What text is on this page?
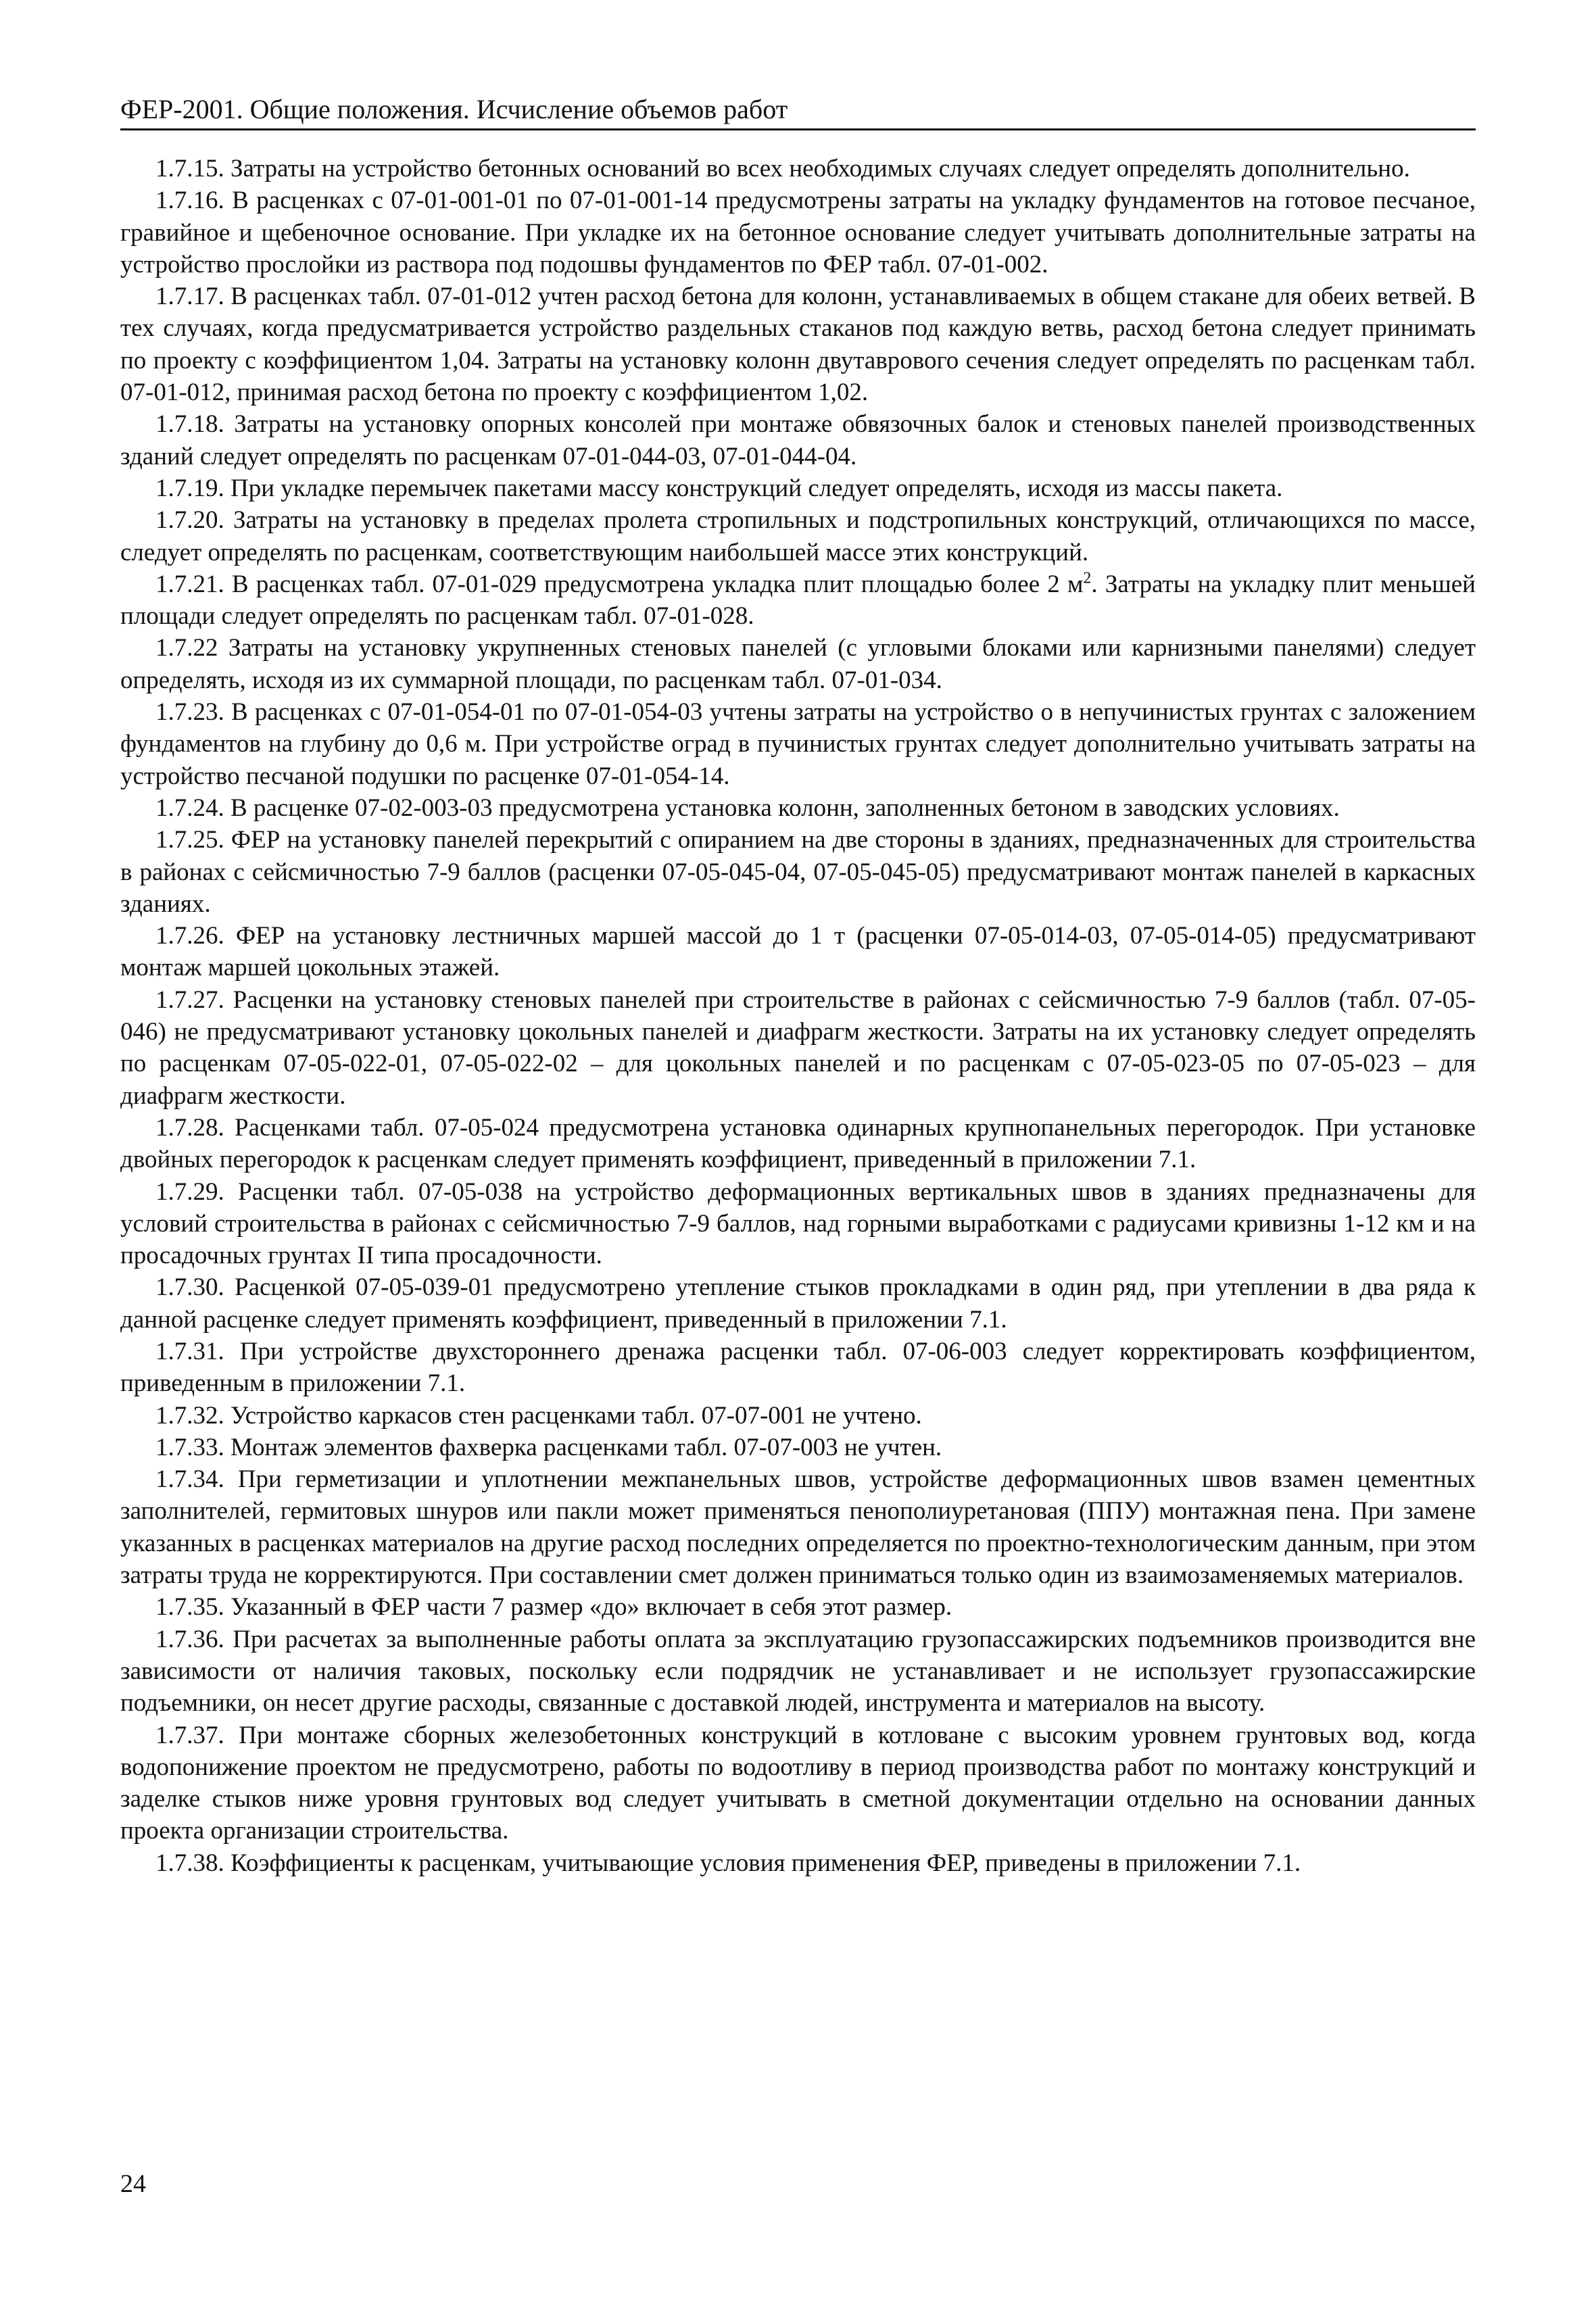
ФЕР-2001. Общие положения. Исчисление объемов работ

1.7.15. Затраты на устройство бетонных оснований во всех необходимых случаях следует определять дополнительно.

1.7.16. В расценках с 07-01-001-01 по 07-01-001-14 предусмотрены затраты на укладку фундаментов на готовое песчаное, гравийное и щебеночное основание. При укладке их на бетонное основание следует учитывать дополнительные затраты на устройство прослойки из раствора под подошвы фундаментов по ФЕР табл. 07-01-002.

1.7.17. В расценках табл. 07-01-012 учтен расход бетона для колонн, устанавливаемых в общем стакане для обеих ветвей. В тех случаях, когда предусматривается устройство раздельных стаканов под каждую ветвь, расход бетона следует принимать по проекту с коэффициентом 1,04. Затраты на установку колонн двутаврового сечения следует определять по расценкам табл. 07-01-012, принимая расход бетона по проекту с коэффициентом 1,02.

1.7.18. Затраты на установку опорных консолей при монтаже обвязочных балок и стеновых панелей производственных зданий следует определять по расценкам 07-01-044-03, 07-01-044-04.

1.7.19. При укладке перемычек пакетами массу конструкций следует определять, исходя из массы пакета.

1.7.20. Затраты на установку в пределах пролета стропильных и подстропильных конструкций, отличающихся по массе, следует определять по расценкам, соответствующим наибольшей массе этих конструкций.

1.7.21. В расценках табл. 07-01-029 предусмотрена укладка плит площадью более 2 $м^2$. Затраты на укладку плит меньшей площади следует определять по расценкам табл. 07-01-028.

1.7.22 Затраты на установку укрупненных стеновых панелей (с угловыми блоками или карнизными панелями) следует определять, исходя из их суммарной площади, по расценкам табл. 07-01-034.

1.7.23. В расценках с 07-01-054-01 по 07-01-054-03 учтены затраты на устройство о в непучинистых грунтах с заложением фундаментов на глубину до 0,6 м. При устройстве оград в пучинистых грунтах следует дополнительно учитывать затраты на устройство песчаной подушки по расценке 07-01-054-14.

1.7.24. В расценке 07-02-003-03 предусмотрена установка колонн, заполненных бетоном в заводских условиях.

1.7.25. ФЕР на установку панелей перекрытий с опиранием на две стороны в зданиях, предназначенных для строительства в районах с сейсмичностью 7-9 баллов (расценки 07-05-045-04, 07-05-045-05) предусматривают монтаж панелей в каркасных зданиях.

1.7.26. ФЕР на установку лестничных маршей массой до 1 т (расценки 07-05-014-03, 07-05-014-05) предусматривают монтаж маршей цокольных этажей.

1.7.27. Расценки на установку стеновых панелей при строительстве в районах с сейсмичностью 7-9 баллов (табл. 07-05-046) не предусматривают установку цокольных панелей и диафрагм жесткости. Затраты на их установку следует определять по расценкам 07-05-022-01, 07-05-022-02 – для цокольных панелей и по расценкам с 07-05-023-05 по 07-05-023 – для диафрагм жесткости.

1.7.28. Расценками табл. 07-05-024 предусмотрена установка одинарных крупнопанельных перегородок. При установке двойных перегородок к расценкам следует применять коэффициент, приведенный в приложении 7.1.

1.7.29. Расценки табл. 07-05-038 на устройство деформационных вертикальных швов в зданиях предназначены для условий строительства в районах с сейсмичностью 7-9 баллов, над горными выработками с радиусами кривизны 1-12 км и на просадочных грунтах II типа просадочности.

1.7.30. Расценкой 07-05-039-01 предусмотрено утепление стыков прокладками в один ряд, при утеплении в два ряда к данной расценке следует применять коэффициент, приведенный в приложении 7.1.

1.7.31. При устройстве двухстороннего дренажа расценки табл. 07-06-003 следует корректировать коэффициентом, приведенным в приложении 7.1.

1.7.32. Устройство каркасов стен расценками табл. 07-07-001 не учтено.

1.7.33. Монтаж элементов фахверка расценками табл. 07-07-003 не учтен.

1.7.34. При герметизации и уплотнении межпанельных швов, устройстве деформационных швов взамен цементных заполнителей, гермитовых шнуров или пакли может применяться пенополиуретановая (ППУ) монтажная пена. При замене указанных в расценках материалов на другие расход последних определяется по проектно-технологическим данным, при этом затраты труда не корректируются. При составлении смет должен приниматься только один из взаимозаменяемых материалов.

1.7.35. Указанный в ФЕР части 7 размер «до» включает в себя этот размер.

1.7.36. При расчетах за выполненные работы оплата за эксплуатацию грузопассажирских подъемников производится вне зависимости от наличия таковых, поскольку если подрядчик не устанавливает и не использует грузопассажирские подъемники, он несет другие расходы, связанные с доставкой людей, инструмента и материалов на высоту.

1.7.37. При монтаже сборных железобетонных конструкций в котловане с высоким уровнем грунтовых вод, когда водопонижение проектом не предусмотрено, работы по водоотливу в период производства работ по монтажу конструкций и заделке стыков ниже уровня грунтовых вод следует учитывать в сметной документации отдельно на основании данных проекта организации строительства.

1.7.38. Коэффициенты к расценкам, учитывающие условия применения ФЕР, приведены в приложении 7.1.

24
